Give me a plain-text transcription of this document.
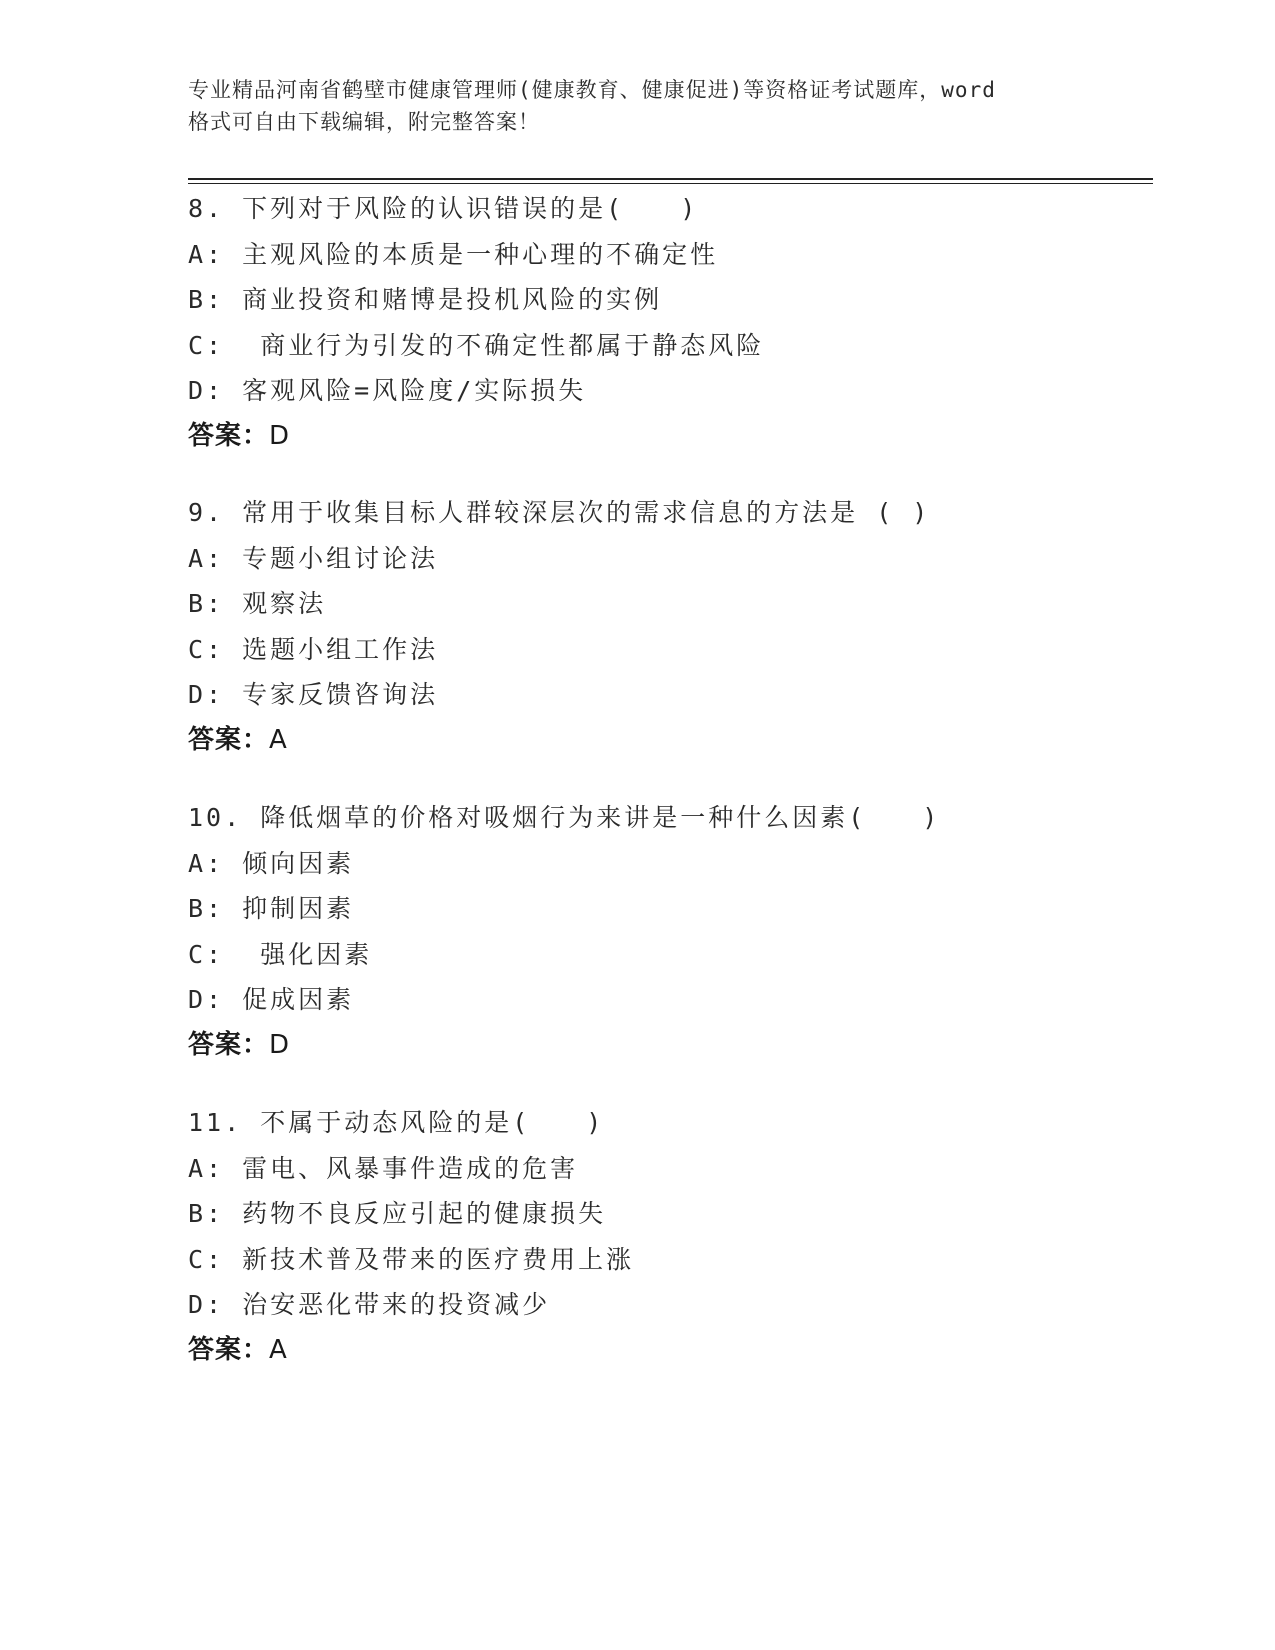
专业精品河南省鹤壁市健康管理师(健康教育、健康促进)等资格证考试题库，word
格式可自由下载编辑，附完整答案！
8. 下列对于风险的认识错误的是(　　)
A: 主观风险的本质是一种心理的不确定性
B: 商业投资和赌博是投机风险的实例
C:  商业行为引发的不确定性都属于静态风险
D: 客观风险=风险度/实际损失
答案：D
9. 常用于收集目标人群较深层次的需求信息的方法是 ( )
A: 专题小组讨论法
B: 观察法
C: 选题小组工作法
D: 专家反馈咨询法
答案：A
10. 降低烟草的价格对吸烟行为来讲是一种什么因素(　　)
A: 倾向因素
B: 抑制因素
C:  强化因素
D: 促成因素
答案：D
11. 不属于动态风险的是(　　)
A: 雷电、风暴事件造成的危害
B: 药物不良反应引起的健康损失
C: 新技术普及带来的医疗费用上涨
D: 治安恶化带来的投资减少
答案：A
